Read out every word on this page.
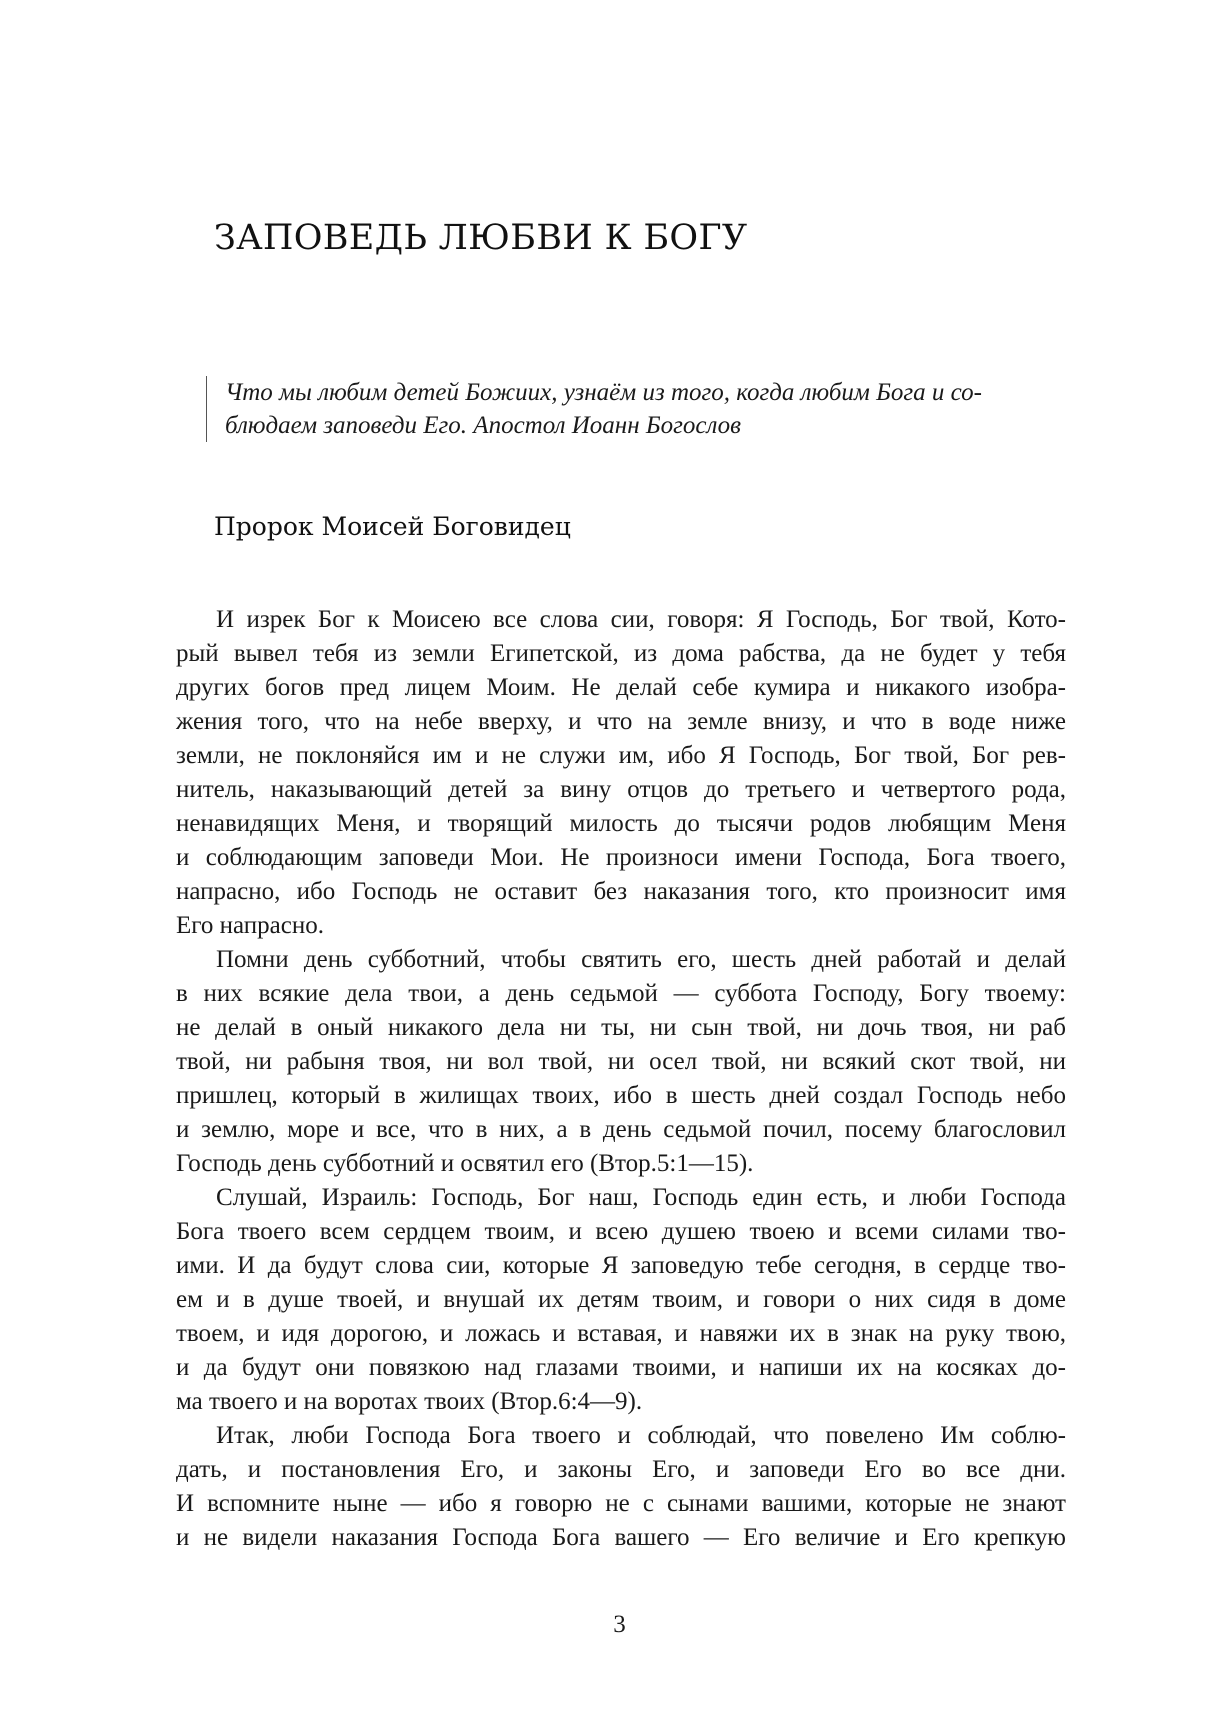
ЗАПОВЕДЬ ЛЮБВИ К БОГУ

Что мы любим детей Божиих, узнаём из того, когда любим Бога и со-
блюдаем заповеди Его. Апостол Иоанн Богослов

Пророк Моисей Боговидец
И изрек Бог к Моисею все слова сии, говоря: Я Господь, Бог твой, Кото-
рый вывел тебя из земли Египетской, из дома рабства, да не будет у тебя
других богов пред лицем Моим. Не делай себе кумира и никакого изобра-
жения того, что на небе вверху, и что на земле внизу, и что в воде ниже
земли, не поклоняйся им и не служи им, ибо Я Господь, Бог твой, Бог рев-
нитель, наказывающий детей за вину отцов до третьего и четвертого рода,
ненавидящих Меня, и творящий милость до тысячи родов любящим Меня
и соблюдающим заповеди Мои. Не произноси имени Господа, Бога твоего,
напрасно, ибо Господь не оставит без наказания того, кто произносит имя
Его напрасно.
Помни день субботний, чтобы святить его, шесть дней работай и делай
в них всякие дела твои, а день седьмой — суббота Господу, Богу твоему:
не делай в оный никакого дела ни ты, ни сын твой, ни дочь твоя, ни раб
твой, ни рабыня твоя, ни вол твой, ни осел твой, ни всякий скот твой, ни
пришлец, который в жилищах твоих, ибо в шесть дней создал Господь небо
и землю, море и все, что в них, а в день седьмой почил, посему благословил
Господь день субботний и освятил его (Втор.5:1—15).
Слушай, Израиль: Господь, Бог наш, Господь един есть, и люби Господа
Бога твоего всем сердцем твоим, и всею душею твоею и всеми силами тво-
ими. И да будут слова сии, которые Я заповедую тебе сегодня, в сердце тво-
ем и в душе твоей, и внушай их детям твоим, и говори о них сидя в доме
твоем, и идя дорогою, и ложась и вставая, и навяжи их в знак на руку твою,
и да будут они повязкою над глазами твоими, и напиши их на косяках до-
ма твоего и на воротах твоих (Втор.6:4—9).
Итак, люби Господа Бога твоего и соблюдай, что повелено Им соблю-
дать, и постановления Его, и законы Его, и заповеди Его во все дни.
И вспомните ныне — ибо я говорю не с сынами вашими, которые не знают
и не видели наказания Господа Бога вашего — Его величие и Его крепкую
3
